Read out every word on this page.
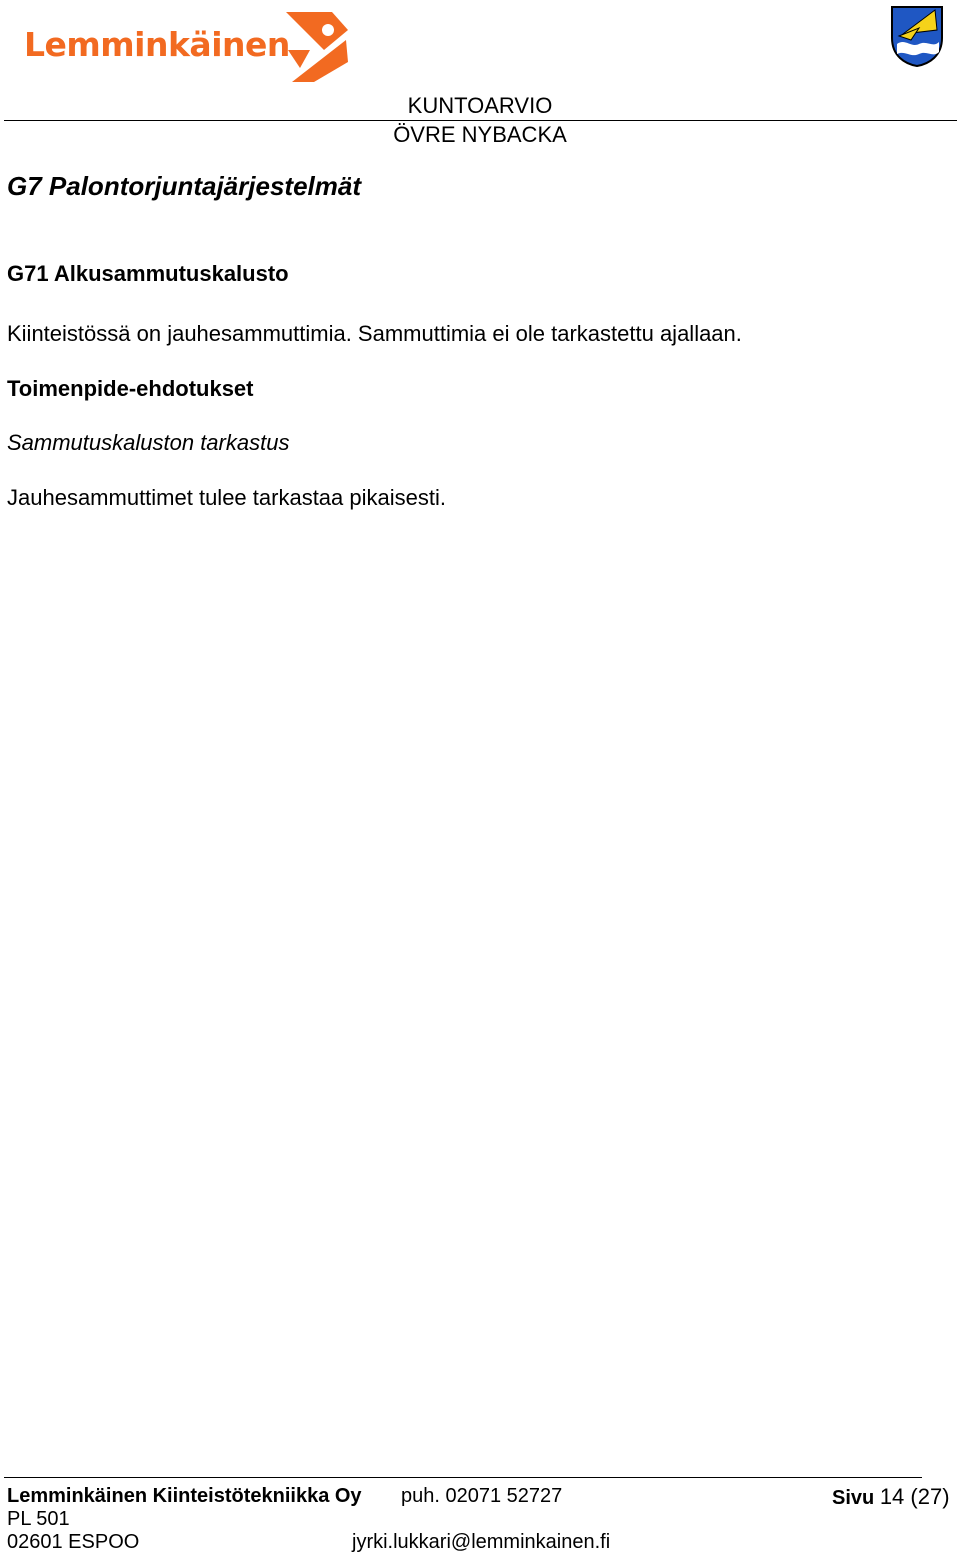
Lemminkäinen
KUNTOARVIO
ÖVRE NYBACKA
G7 Palontorjuntajärjestelmät
G71 Alkusammutuskalusto
Kiinteistössä on jauhesammuttimia. Sammuttimia ei ole tarkastettu ajallaan.
Toimenpide-ehdotukset
Sammutuskaluston tarkastus
Jauhesammuttimet tulee tarkastaa pikaisesti.
Lemminkäinen Kiinteistötekniikka Oy
PL 501
02601 ESPOO
puh. 02071 52727
jyrki.lukkari@lemminkainen.fi
Sivu 14 (27)
